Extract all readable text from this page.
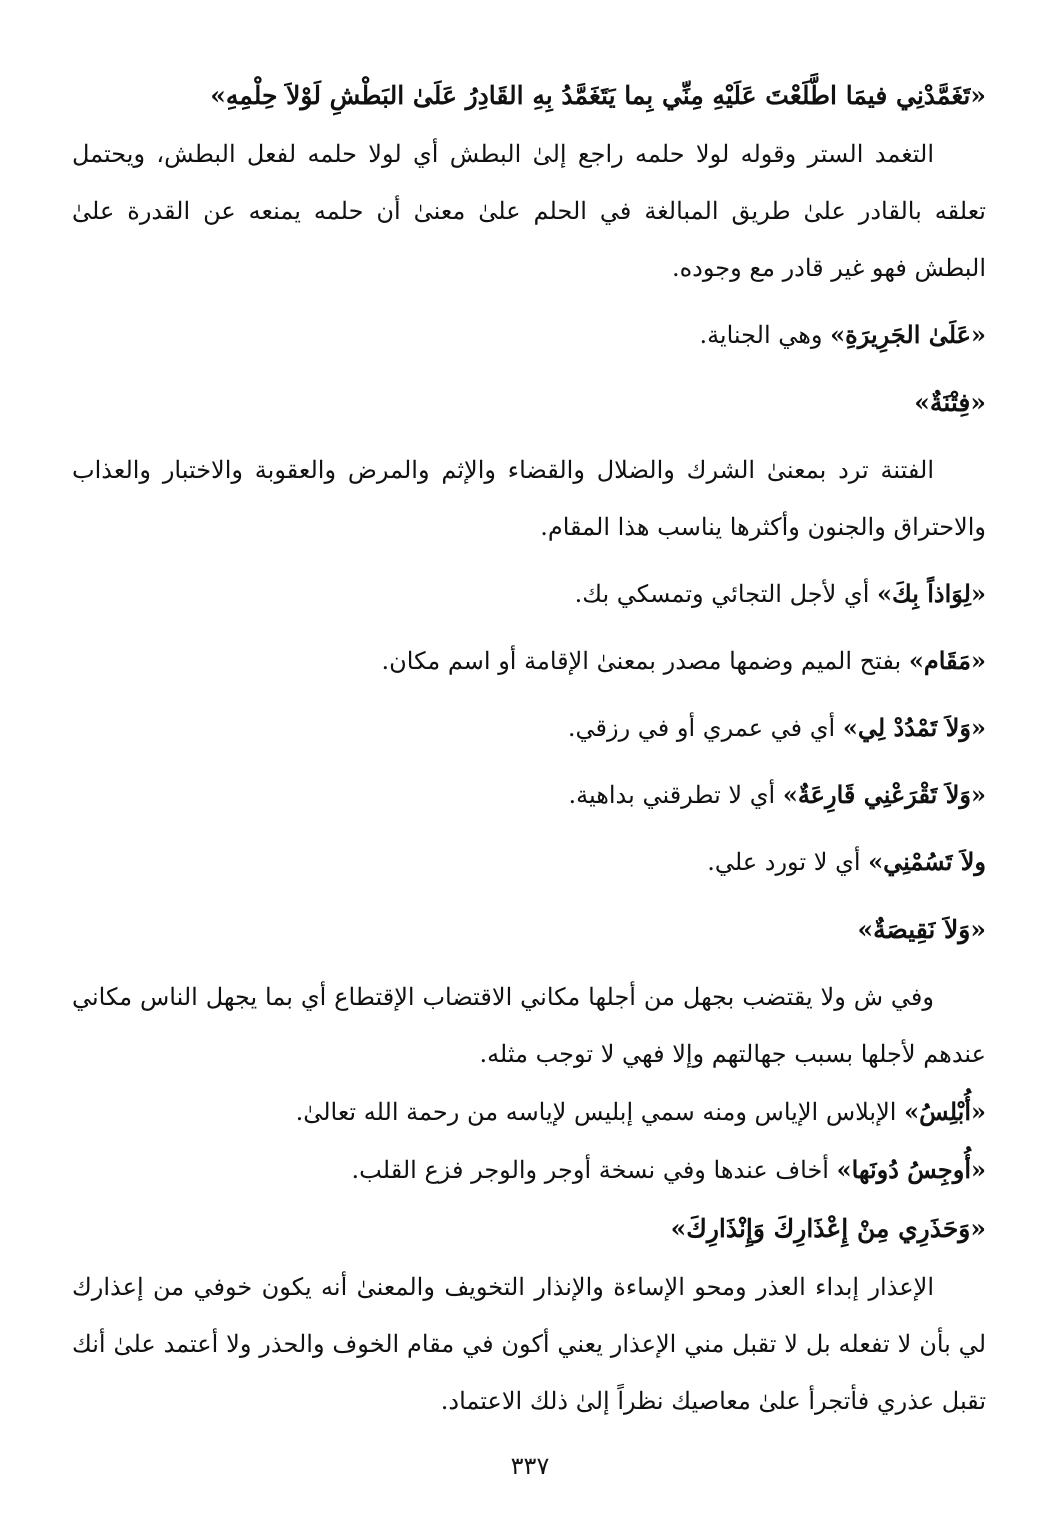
«تَغَمَّدْنِي فيمَا اطَّلَعْتَ عَلَيْهِ مِنِّي بِما يَتَغَمَّدُ بِهِ القَادِرُ عَلَىٰ البَطْشِ لَوْلاَ حِلْمِهِ»

التغمد الستر وقوله لولا حلمه راجع إلىٰ البطش أي لولا حلمه لفعل البطش، ويحتمل تعلقه بالقادر علىٰ طريق المبالغة في الحلم علىٰ معنىٰ أن حلمه يمنعه عن القدرة علىٰ البطش فهو غير قادر مع وجوده.

«عَلَىٰ الجَرِيرَةِ» وهي الجناية.

«فِتْنَةٌ»

الفتنة ترد بمعنىٰ الشرك والضلال والقضاء والإثم والمرض والعقوبة والاختبار والعذاب والاحتراق والجنون وأكثرها يناسب هذا المقام.

«لِوَاذاً بِكَ» أي لأجل التجائي وتمسكي بك.

«مَقَام» بفتح الميم وضمها مصدر بمعنىٰ الإقامة أو اسم مكان.

«وَلاَ تَمْدُدْ لِي» أي في عمري أو في رزقي.

«وَلاَ تَقْرَعْنِي قَارِعَةٌ» أي لا تطرقني بداهية.

ولاَ تَسُمْنِي» أي لا تورد علي.

«وَلاَ نَقِيصَةٌ»

وفي ش ولا يقتضب بجهل من أجلها مكاني الاقتضاب الإقتطاع أي بما يجهل الناس مكاني عندهم لأجلها بسبب جهالتهم وإلا فهي لا توجب مثله.

«أُبْلِسُ» الإبلاس الإياس ومنه سمي إبليس لإياسه من رحمة الله تعالىٰ.

«أُوجِسُ دُونَها» أخاف عندها وفي نسخة أوجر والوجر فزع القلب.

«وَحَذَرِي مِنْ إِعْذَارِكَ وَإِنْذَارِكَ»

الإعذار إبداء العذر ومحو الإساءة والإنذار التخويف والمعنىٰ أنه يكون خوفي من إعذارك لي بأن لا تفعله بل لا تقبل مني الإعذار يعني أكون في مقام الخوف والحذر ولا أعتمد علىٰ أنك تقبل عذري فأتجرأ علىٰ معاصيك نظراً إلىٰ ذلك الاعتماد.

٣٣٧
